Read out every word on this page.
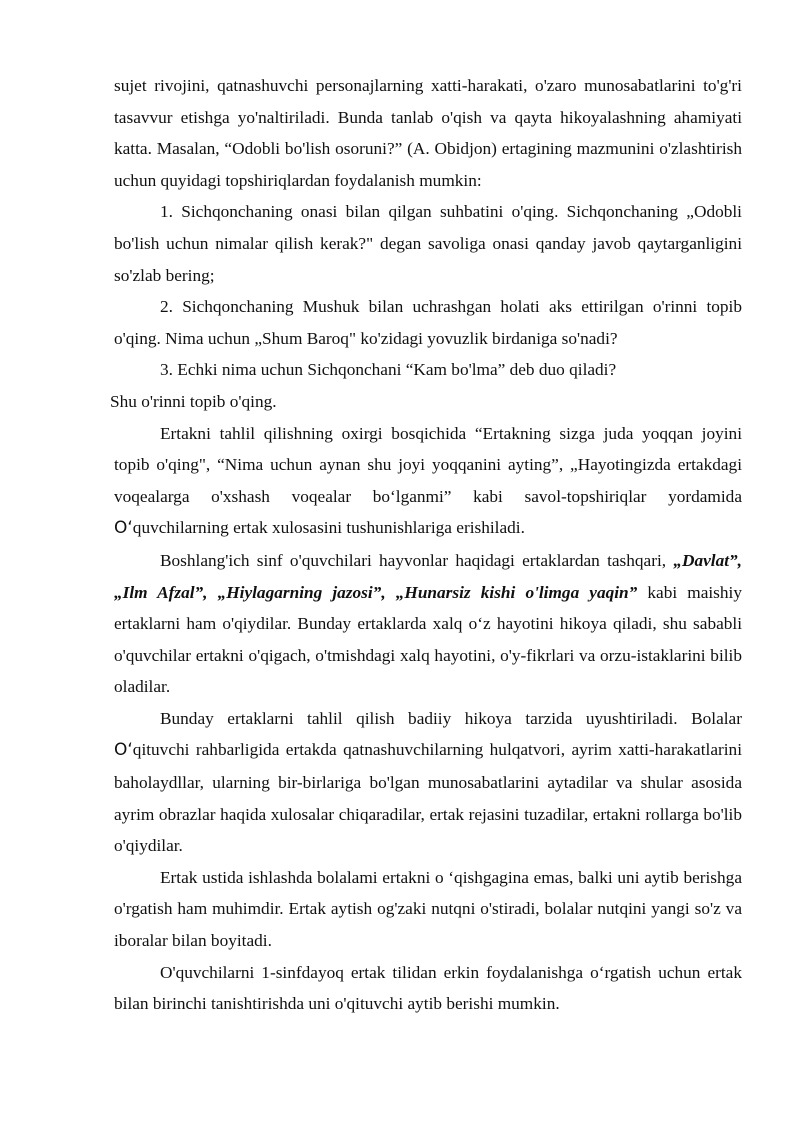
sujet rivojini, qatnashuvchi personajlarning xatti-harakati, o'zaro munosabatlarini to'g'ri tasavvur etishga yo'naltiriladi. Bunda tanlab o'qish va qayta hikoyalashning ahamiyati katta. Masalan, “Odobli bo'lish osoruni?” (A. Obidjon) ertagining mazmunini o'zlashtirish uchun quyidagi topshiriqlardan foydalanish mumkin:

1. Sichqonchaning onasi bilan qilgan suhbatini o'qing. Sichqonchaning „Odobli bo'lish uchun nimalar qilish kerak?" degan savoliga onasi qanday javob qaytarganligini so'zlab bering;

2. Sichqonchaning Mushuk bilan uchrashgan holati aks ettirilgan o'rinni topib o'qing. Nima uchun „Shum Baroq" ko'zidagi yovuzlik birdaniga so'nadi?

3. Echki nima uchun Sichqonchani “Kam bo'lma” deb duo qiladi?

Shu o'rinni topib o'qing.

Ertakni tahlil qilishning oxirgi bosqichida “Ertakning sizga juda yoqqan joyini topib o'qing", “Nima uchun aynan shu joyi yoqqanini ayting”, „Hayotingizda ertakdagi voqealarga o'xshash voqealar bo‘lganmi” kabi savol-topshiriqlar yordamida O‘quvchilarning ertak xulosasini tushunishlariga erishiladi.

Boshlang'ich sinf o'quvchilari hayvonlar haqidagi ertaklardan tashqari, „Davlat”, „Ilm Afzal”, „Hiylagarning jazosi”, „Hunarsiz kishi o'limga yaqin” kabi maishiy ertaklarni ham o'qiydilar. Bunday ertaklarda xalq o‘z hayotini hikoya qiladi, shu sababli o'quvchilar ertakni o'qigach, o'tmishdagi xalq hayotini, o'y-fikrlari va orzu-istaklarini bilib oladilar.

Bunday ertaklarni tahlil qilish badiiy hikoya tarzida uyushtiriladi. Bolalar O‘qituvchi rahbarligida ertakda qatnashuvchilarning hulqatvori, ayrim xatti-harakatlarini baholaydllar, ularning bir-birlariga bo'lgan munosabatlarini aytadilar va shular asosida ayrim obrazlar haqida xulosalar chiqaradilar, ertak rejasini tuzadilar, ertakni rollarga bo'lib o'qiydilar.

Ertak ustida ishlashda bolalami ertakni o ‘qishgagina emas, balki uni aytib berishga o'rgatish ham muhimdir. Ertak aytish og'zaki nutqni o'stiradi, bolalar nutqini yangi so'z va iboralar bilan boyitadi.

O'quvchilarni 1-sinfdayoq ertak tilidan erkin foydalanishga o‘rgatish uchun ertak bilan birinchi tanishtirishda uni o'qituvchi aytib berishi mumkin.
